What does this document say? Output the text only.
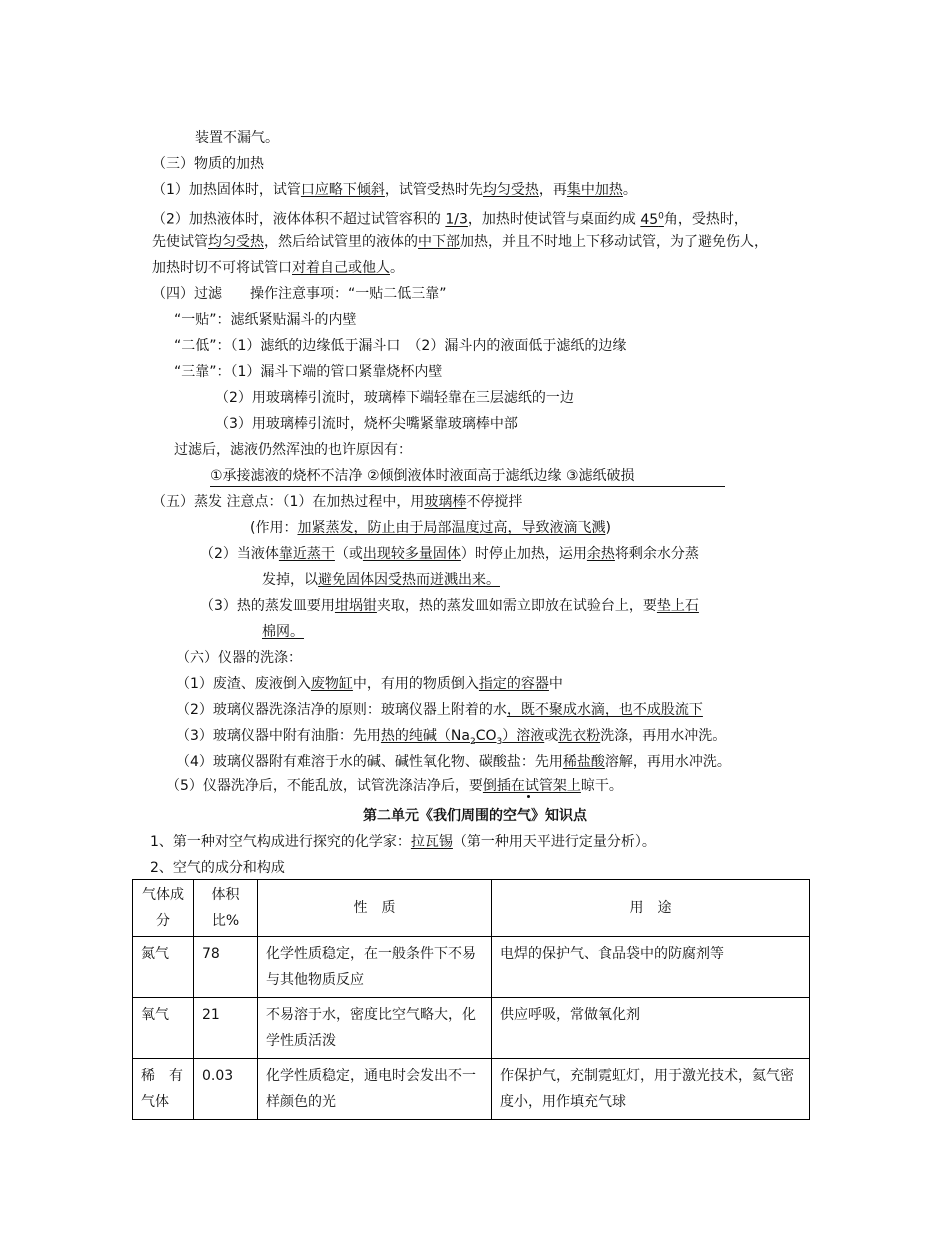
装置不漏气。
（三）物质的加热
（1）加热固体时，试管口应略下倾斜，试管受热时先均匀受热，再集中加热。
（2）加热液体时，液体体积不超过试管容积的 1/3，加热时使试管与桌面约成 $45^0$角，受热时，
先使试管均匀受热，然后给试管里的液体的中下部加热，并且不时地上下移动试管，为了避免伤人，
加热时切不可将试管口对着自己或他人。
（四）过滤　　操作注意事项：“一贴二低三靠”
“一贴”：滤纸紧贴漏斗的内壁
“二低”：（1）滤纸的边缘低于漏斗口　（2）漏斗内的液面低于滤纸的边缘
“三靠”：（1）漏斗下端的管口紧靠烧杯内壁
（2）用玻璃棒引流时，玻璃棒下端轻靠在三层滤纸的一边
（3）用玻璃棒引流时，烧杯尖嘴紧靠玻璃棒中部
过滤后，滤液仍然浑浊的也许原因有：
①承接滤液的烧杯不洁净 ②倾倒液体时液面高于滤纸边缘 ③滤纸破损
（五）蒸发 注意点：（1）在加热过程中，用玻璃棒不停搅拌
(作用：加紧蒸发，防止由于局部温度过高，导致液滴飞溅)
（2）当液体靠近蒸干（或出现较多量固体）时停止加热，运用余热将剩余水分蒸
发掉，以避免固体因受热而迸溅出来。
（3）热的蒸发皿要用坩埚钳夹取，热的蒸发皿如需立即放在试验台上，要垫上石
棉网。
（六）仪器的洗涤：
（1）废渣、废液倒入废物缸中，有用的物质倒入指定的容器中
（2）玻璃仪器洗涤洁净的原则：玻璃仪器上附着的水，既不聚成水滴，也不成股流下
（3）玻璃仪器中附有油脂：先用热的纯碱$(Na_2CO_3)$溶液或洗衣粉洗涤，再用水冲洗。
（4）玻璃仪器附有难溶于水的碱、碱性氧化物、碳酸盐：先用稀盐酸溶解，再用水冲洗。
（5）仪器洗净后，不能乱放，试管洗涤洁净后，要倒插在试管架上晾干。
第二单元《我们周围的空气》知识点
1、第一种对空气构成进行探究的化学家：拉瓦锡（第一种用天平进行定量分析）。
2、空气的成分和构成
气体成分	体积比%	性　质	用　途
氮气	78	化学性质稳定，在一般条件下不易与其他物质反应	电焊的保护气、食品袋中的防腐剂等
氧气	21	不易溶于水，密度比空气略大，化学性质活泼	供应呼吸，常做氧化剂
稀　有气体	0.03	化学性质稳定，通电时会发出不一样颜色的光	作保护气，充制霓虹灯，用于激光技术，氦气密度小，用作填充气球
